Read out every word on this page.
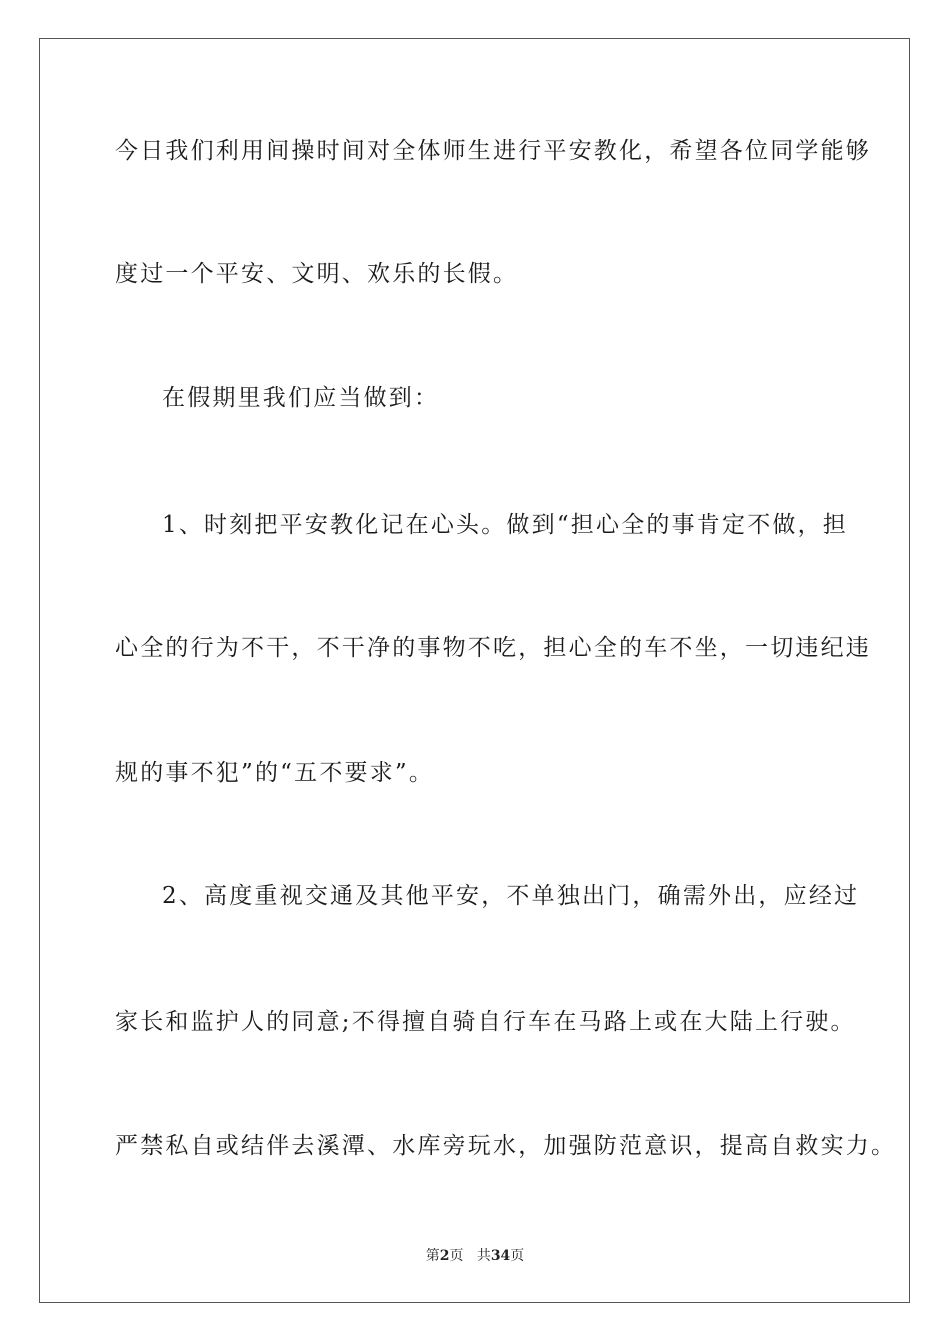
今日我们利用间操时间对全体师生进行平安教化，希望各位同学能够
度过一个平安、文明、欢乐的长假。
在假期里我们应当做到：
1、时刻把平安教化记在心头。做到“担心全的事肯定不做，担
心全的行为不干，不干净的事物不吃，担心全的车不坐，一切违纪违
规的事不犯”的“五不要求”。
2、高度重视交通及其他平安，不单独出门，确需外出，应经过
家长和监护人的同意;不得擅自骑自行车在马路上或在大陆上行驶。
严禁私自或结伴去溪潭、水库旁玩水，加强防范意识，提高自救实力。
第2页 共34页
